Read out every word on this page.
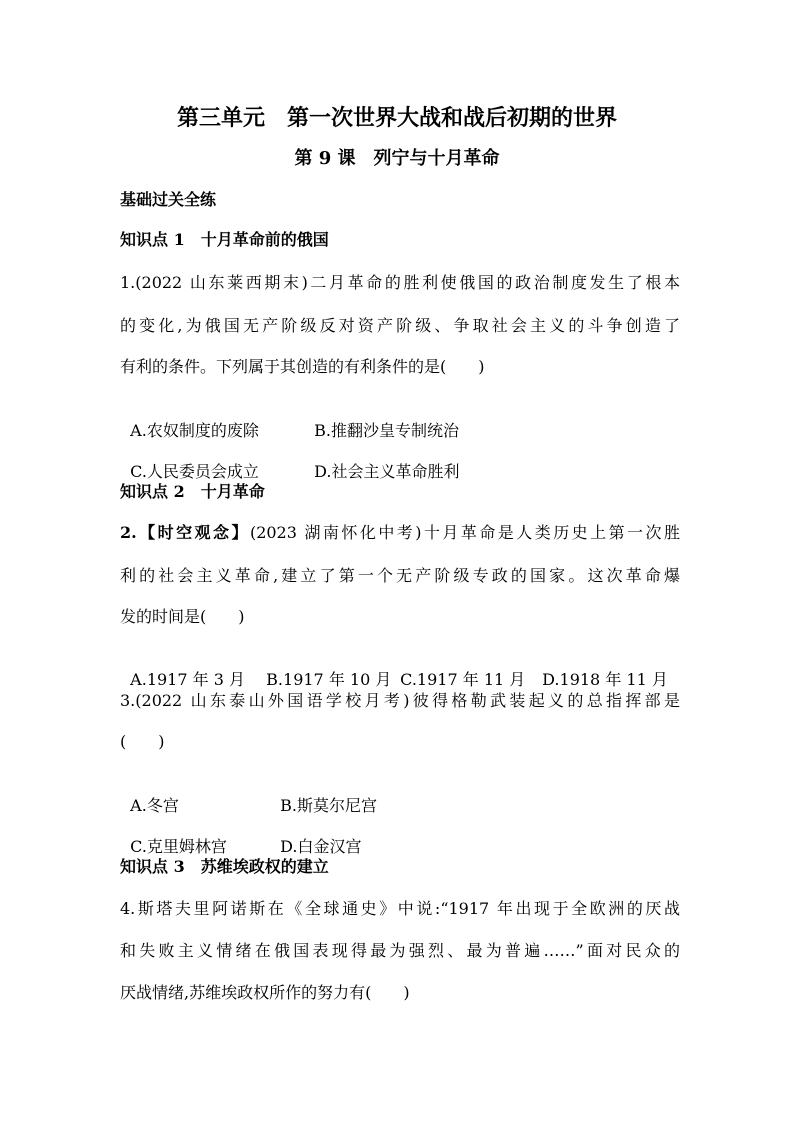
第三单元　第一次世界大战和战后初期的世界
第 9 课　列宁与十月革命
基础过关全练
知识点 1　十月革命前的俄国
1.(2022 山东莱西期末)二月革命的胜利使俄国的政治制度发生了根本
的变化,为俄国无产阶级反对资产阶级、争取社会主义的斗争创造了
有利的条件。下列属于其创造的有利条件的是(　　)

A.农奴制度的废除	B.推翻沙皇专制统治

C.人民委员会成立	D.社会主义革命胜利

知识点 2　十月革命
2.【时空观念】(2023 湖南怀化中考)十月革命是人类历史上第一次胜
利的社会主义革命,建立了第一个无产阶级专政的国家。这次革命爆
发的时间是(　　)

A.1917 年 3 月 B.1917 年 10 月 C.1917 年 11 月 D.1918 年 11 月

3.(2022 山东泰山外国语学校月考)彼得格勒武装起义的总指挥部是
(　　)

A.冬宫	B.斯莫尔尼宫

C.克里姆林宫	D.白金汉宫

知识点 3　苏维埃政权的建立
4.斯塔夫里阿诺斯在《全球通史》中说:“1917 年出现于全欧洲的厌战
和失败主义情绪在俄国表现得最为强烈、最为普遍……”面对民众的
厌战情绪,苏维埃政权所作的努力有(　　)
